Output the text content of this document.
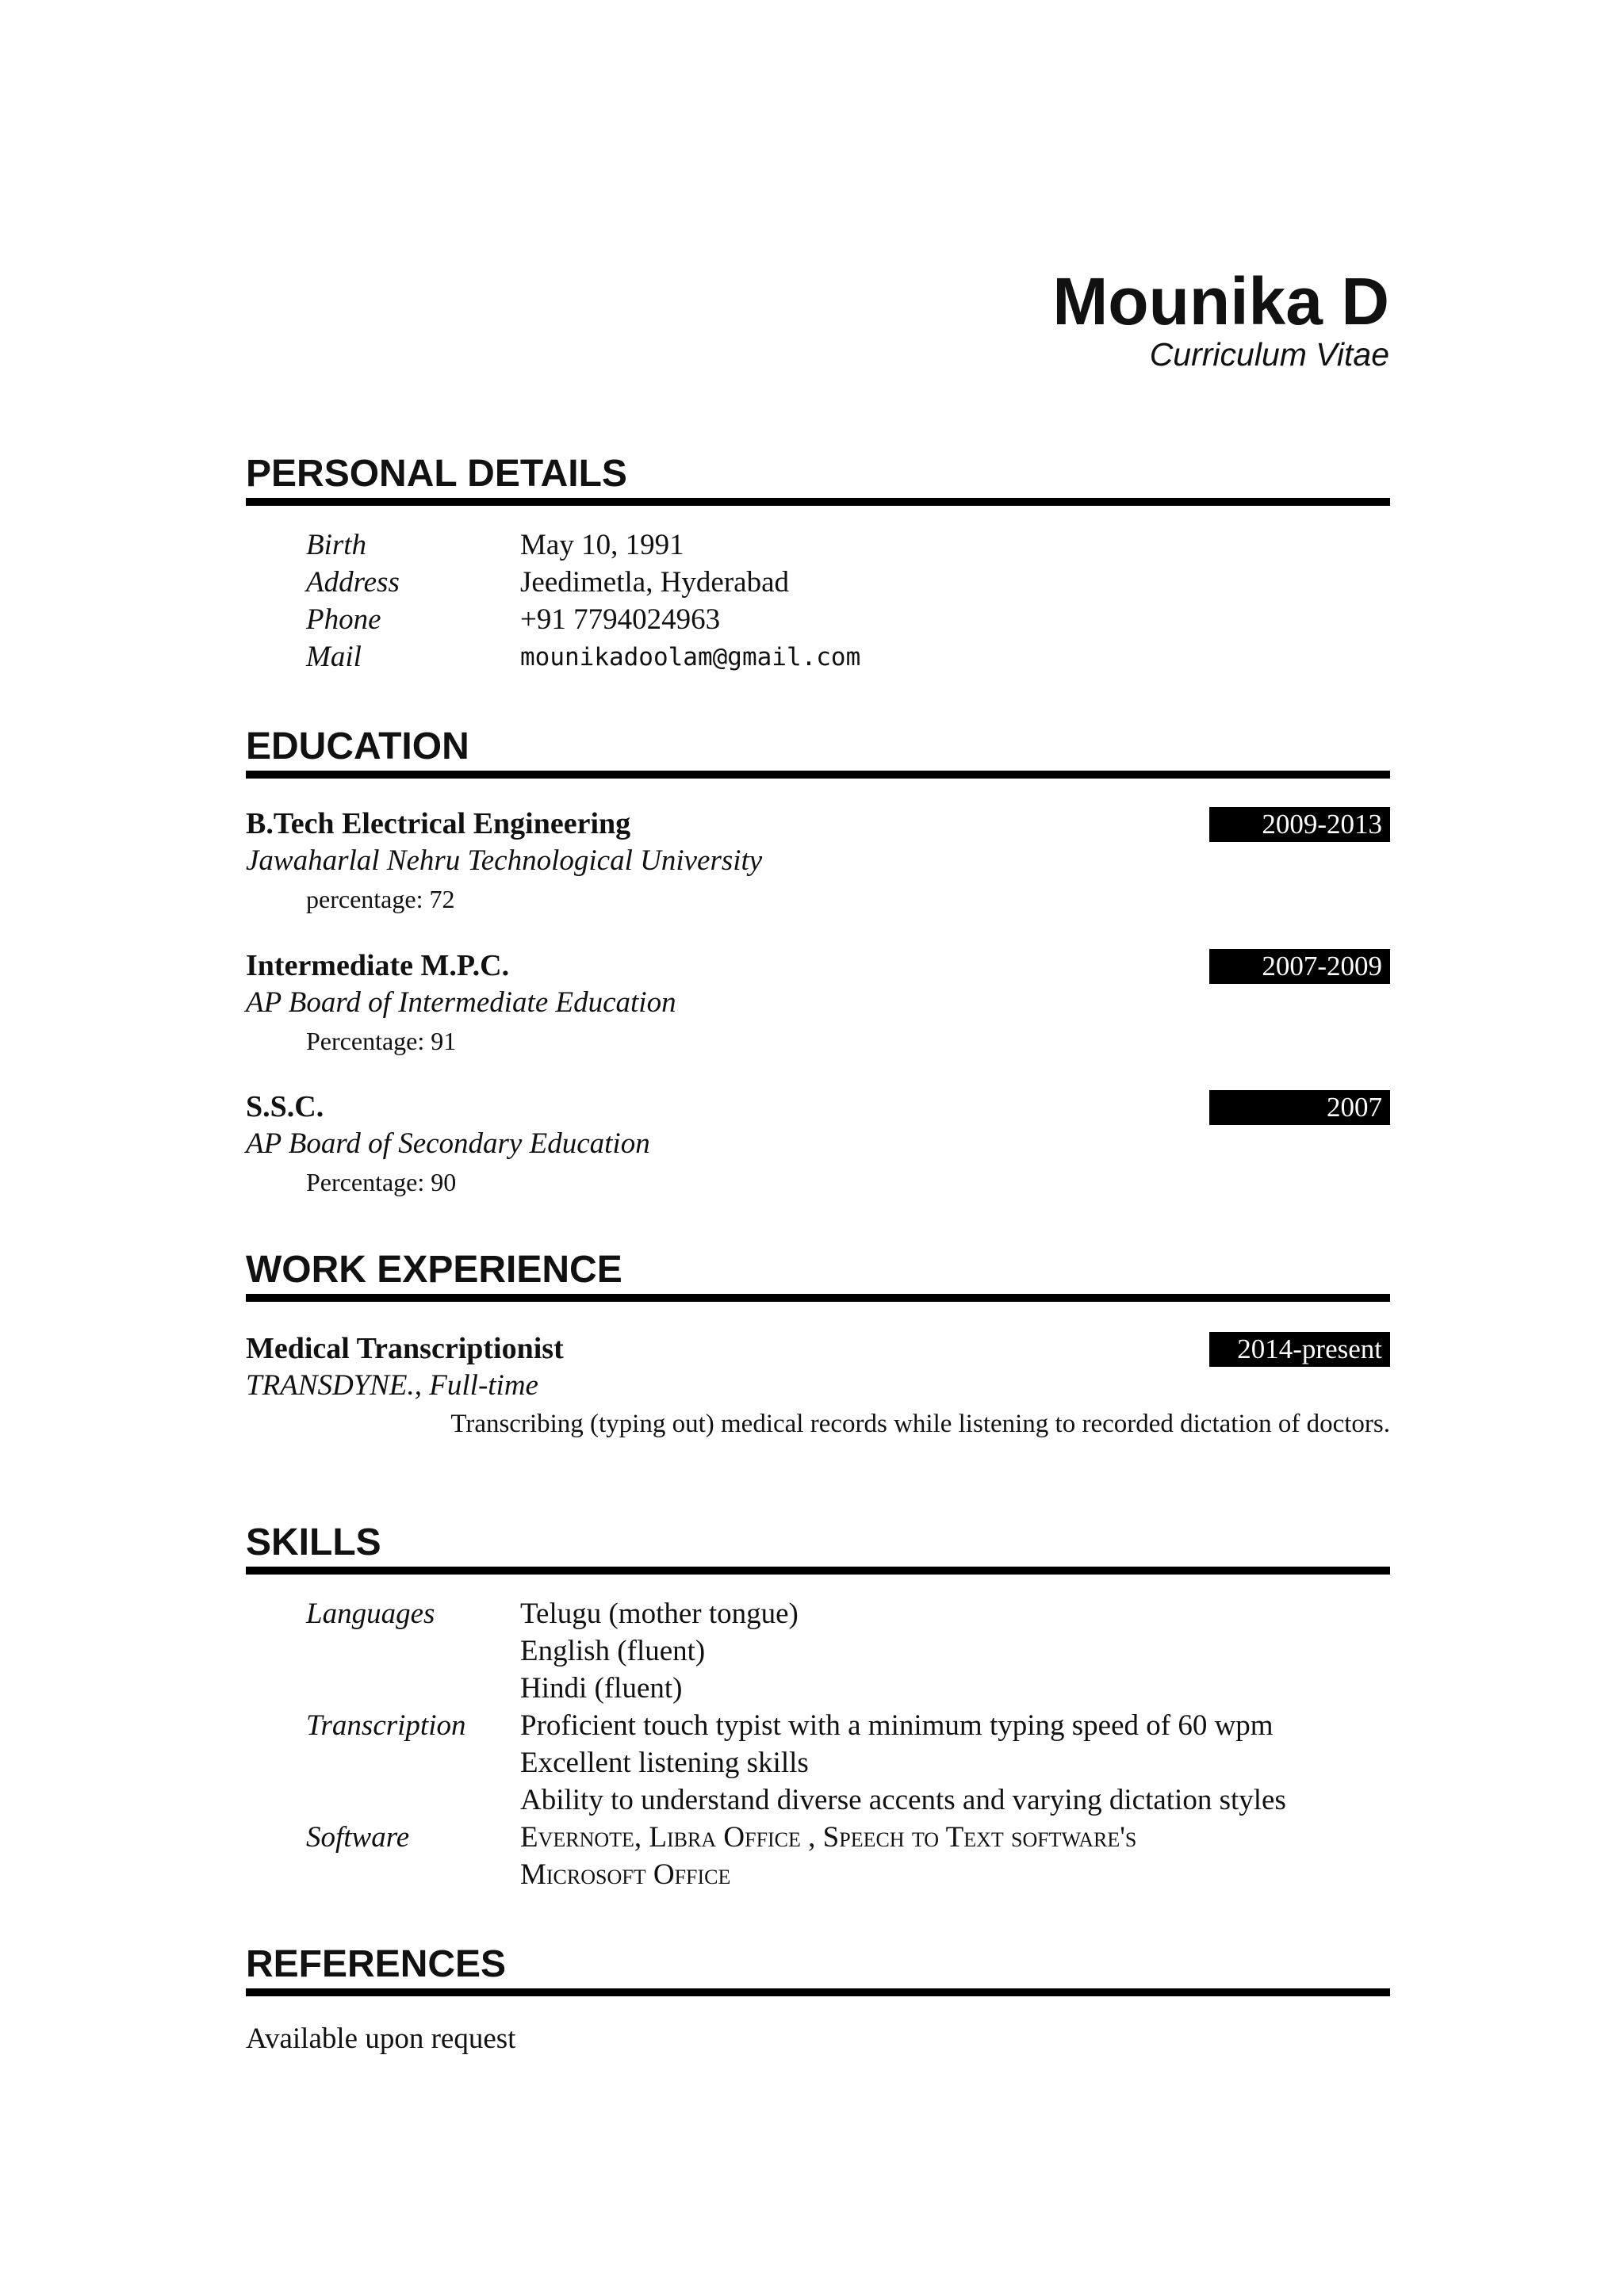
Mounika D
Curriculum Vitae
PERSONAL DETAILS
Birth	May 10, 1991
Address	Jeedimetla, Hyderabad
Phone	+91 7794024963
Mail	mounikadoolam@gmail.com
EDUCATION
B.Tech Electrical Engineering	2009-2013
Jawaharlal Nehru Technological University
percentage: 72
Intermediate M.P.C.	2007-2009
AP Board of Intermediate Education
Percentage: 91
S.S.C.	2007
AP Board of Secondary Education
Percentage: 90
WORK EXPERIENCE
Medical Transcriptionist	2014-present
TRANSDYNE., Full-time
Transcribing (typing out) medical records while listening to recorded dictation of doctors.
SKILLS
Languages	Telugu (mother tongue)
English (fluent)
Hindi (fluent)
Transcription Proficient touch typist with a minimum typing speed of 60 wpm
Excellent listening skills
Ability to understand diverse accents and varying dictation styles
Software	Evernote, Libra Office , Speech to Text software's
Microsoft Office
REFERENCES
Available upon request
